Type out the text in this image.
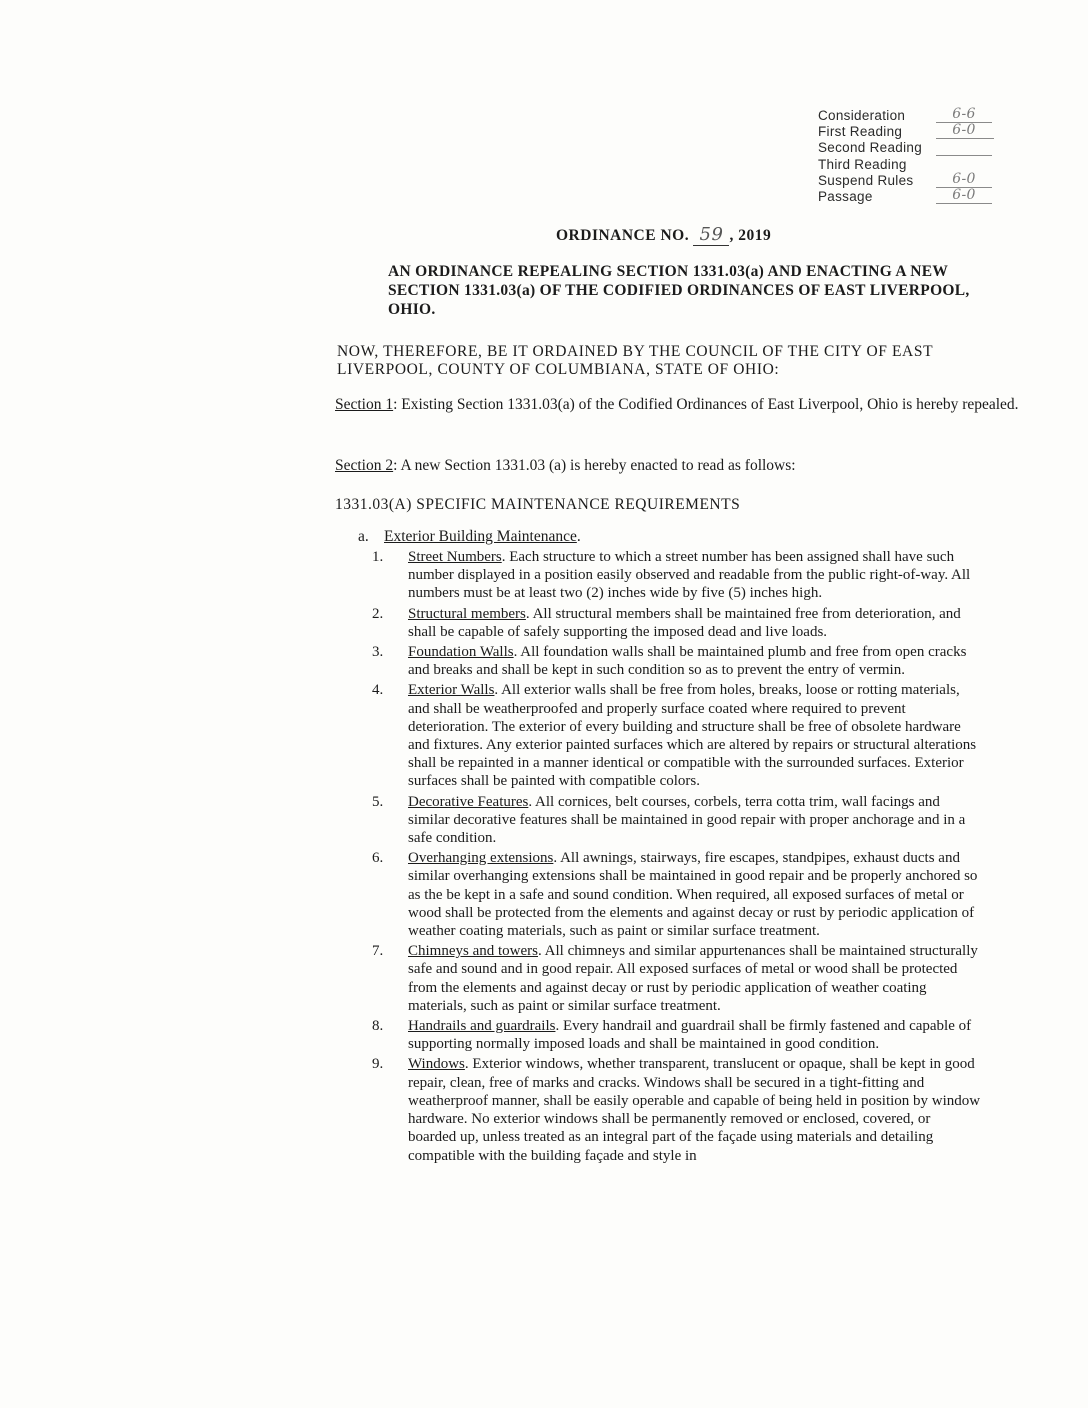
Consideration	6-6
First Reading	6-0
Second Reading
Third Reading
Suspend Rules	6-0
Passage	6-0
ORDINANCE NO. 59 , 2019
AN ORDINANCE REPEALING SECTION 1331.03(a) AND ENACTING A NEW SECTION 1331.03(a) OF THE CODIFIED ORDINANCES OF EAST LIVERPOOL, OHIO.
NOW, THEREFORE, BE IT ORDAINED BY THE COUNCIL OF THE CITY OF EAST LIVERPOOL, COUNTY OF COLUMBIANA, STATE OF OHIO:
Section 1: Existing Section 1331.03(a) of the Codified Ordinances of East Liverpool, Ohio is hereby repealed.
Section 2: A new Section 1331.03 (a) is hereby enacted to read as follows:
1331.03(A) SPECIFIC MAINTENANCE REQUIREMENTS
a. Exterior Building Maintenance.
1. Street Numbers. Each structure to which a street number has been assigned shall have such number displayed in a position easily observed and readable from the public right-of-way. All numbers must be at least two (2) inches wide by five (5) inches high.
2. Structural members. All structural members shall be maintained free from deterioration, and shall be capable of safely supporting the imposed dead and live loads.
3. Foundation Walls. All foundation walls shall be maintained plumb and free from open cracks and breaks and shall be kept in such condition so as to prevent the entry of vermin.
4. Exterior Walls. All exterior walls shall be free from holes, breaks, loose or rotting materials, and shall be weatherproofed and properly surface coated where required to prevent deterioration. The exterior of every building and structure shall be free of obsolete hardware and fixtures. Any exterior painted surfaces which are altered by repairs or structural alterations shall be repainted in a manner identical or compatible with the surrounded surfaces. Exterior surfaces shall be painted with compatible colors.
5. Decorative Features. All cornices, belt courses, corbels, terra cotta trim, wall facings and similar decorative features shall be maintained in good repair with proper anchorage and in a safe condition.
6. Overhanging extensions. All awnings, stairways, fire escapes, standpipes, exhaust ducts and similar overhanging extensions shall be maintained in good repair and be properly anchored so as the be kept in a safe and sound condition. When required, all exposed surfaces of metal or wood shall be protected from the elements and against decay or rust by periodic application of weather coating materials, such as paint or similar surface treatment.
7. Chimneys and towers. All chimneys and similar appurtenances shall be maintained structurally safe and sound and in good repair. All exposed surfaces of metal or wood shall be protected from the elements and against decay or rust by periodic application of weather coating materials, such as paint or similar surface treatment.
8. Handrails and guardrails. Every handrail and guardrail shall be firmly fastened and capable of supporting normally imposed loads and shall be maintained in good condition.
9. Windows. Exterior windows, whether transparent, translucent or opaque, shall be kept in good repair, clean, free of marks and cracks. Windows shall be secured in a tight-fitting and weatherproof manner, shall be easily operable and capable of being held in position by window hardware. No exterior windows shall be permanently removed or enclosed, covered, or boarded up, unless treated as an integral part of the façade using materials and detailing compatible with the building façade and style in
